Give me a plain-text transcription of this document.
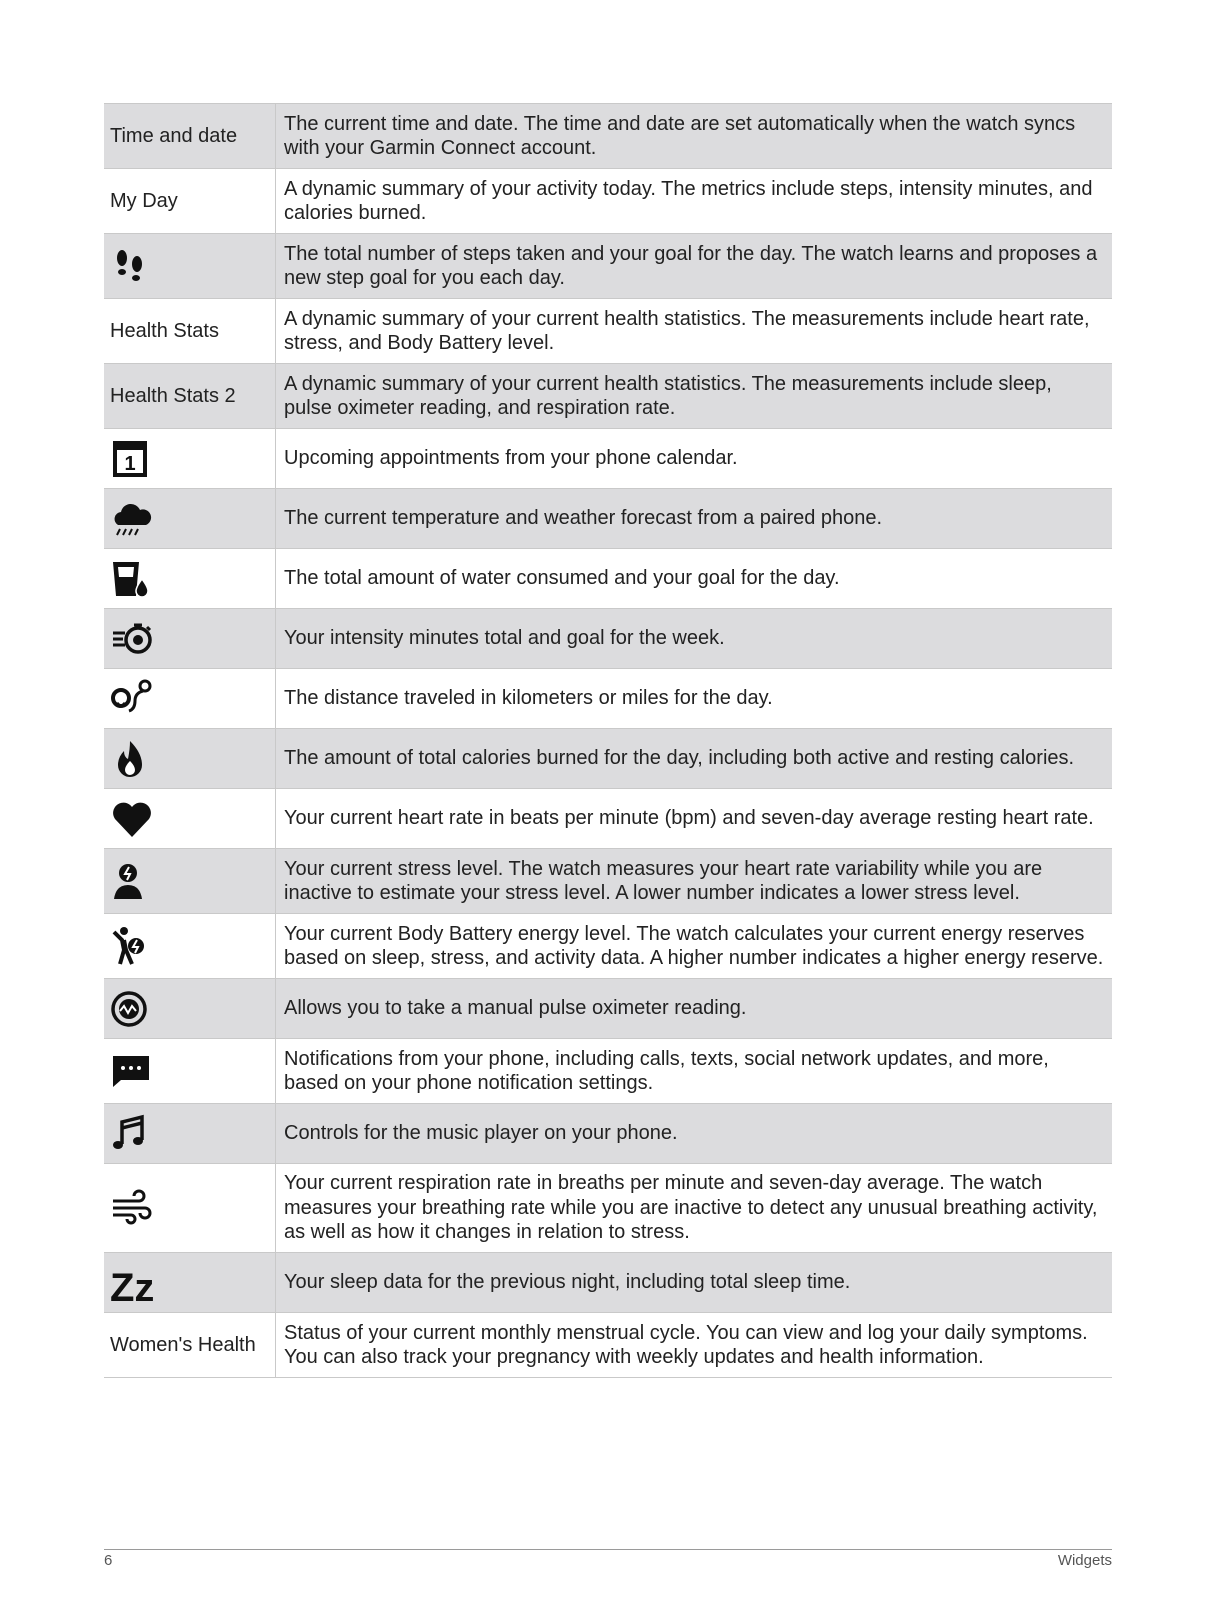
Time and date	The current time and date. The time and date are set automatically when the watch syncs with your Garmin Connect account.
My Day	A dynamic summary of your activity today. The metrics include steps, intensity minutes, and calories burned.

	The total number of steps taken and your goal for the day. The watch learns and proposes a new step goal for you each day.
Health Stats	A dynamic summary of your current health statistics. The measurements include heart rate, stress, and Body Battery level.
Health Stats 2	A dynamic summary of your current health statistics. The measurements include sleep, pulse oximeter reading, and respiration rate.

1	Upcoming appointments from your phone calendar.

	The current temperature and weather forecast from a paired phone.

	The total amount of water consumed and your goal for the day.

	Your intensity minutes total and goal for the week.

	The distance traveled in kilometers or miles for the day.

	The amount of total calories burned for the day, including both active and resting calories.

	Your current heart rate in beats per minute (bpm) and seven-day average resting heart rate.

	Your current stress level. The watch measures your heart rate variability while you are inactive to estimate your stress level. A lower number indicates a lower stress level.

	Your current Body Battery energy level. The watch calculates your current energy reserves based on sleep, stress, and activity data. A higher number indicates a higher energy reserve.

	Allows you to take a manual pulse oximeter reading.

	Notifications from your phone, including calls, texts, social network updates, and more, based on your phone notification settings.

	Controls for the music player on your phone.

	Your current respiration rate in breaths per minute and seven-day average. The watch measures your breathing rate while you are inactive to detect any unusual breathing activity, as well as how it changes in relation to stress.

Zz	Your sleep data for the previous night, including total sleep time.
Women's Health	Status of your current monthly menstrual cycle. You can view and log your daily symptoms. You can also track your pregnancy with weekly updates and health information.
6	Widgets
